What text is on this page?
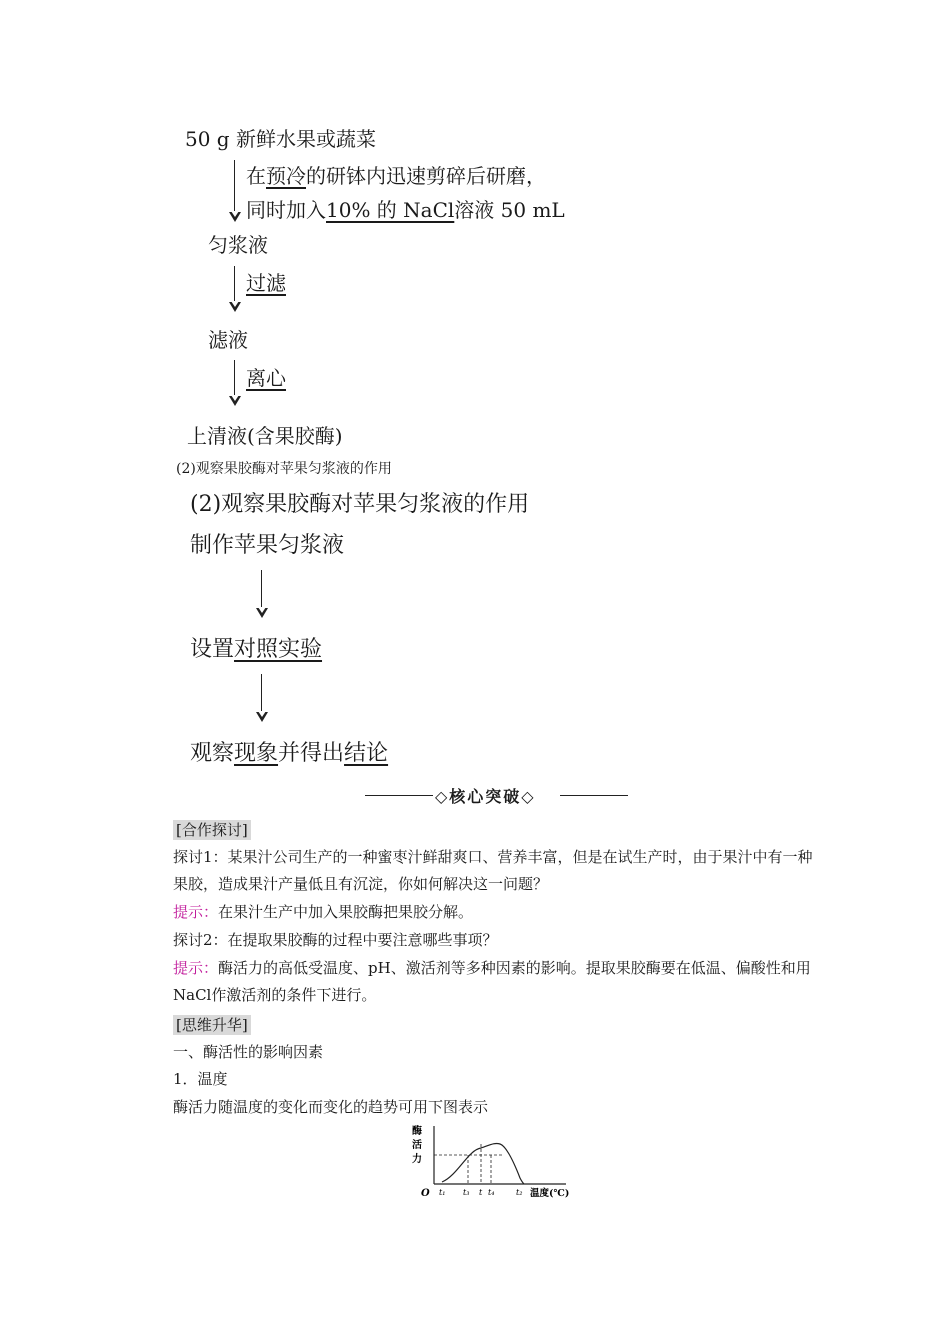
50 g 新鲜水果或蔬菜
在预冷的研钵内迅速剪碎后研磨，
同时加入10% 的 NaCl溶液 50 mL
匀浆液
过滤
滤液
离心
上清液(含果胶酶)
(2)观察果胶酶对苹果匀浆液的作用
(2)观察果胶酶对苹果匀浆液的作用
制作苹果匀浆液
设置对照实验
观察现象并得出结论
◇核心突破◇
[合作探讨]
探讨1：某果汁公司生产的一种蜜枣汁鲜甜爽口、营养丰富，但是在试生产时，由于果汁中有一种果胶，造成果汁产量低且有沉淀，你如何解决这一问题？
提示：在果汁生产中加入果胶酶把果胶分解。
探讨2：在提取果胶酶的过程中要注意哪些事项？
提示：酶活力的高低受温度、pH、激活剂等多种因素的影响。提取果胶酶要在低温、偏酸性和用NaCl作激活剂的条件下进行。
[思维升华]
一、酶活性的影响因素
1．温度
酶活力随温度的变化而变化的趋势可用下图表示
酶
活
力
O t₁ t₃ t t₄	t₂ 温度(℃)
